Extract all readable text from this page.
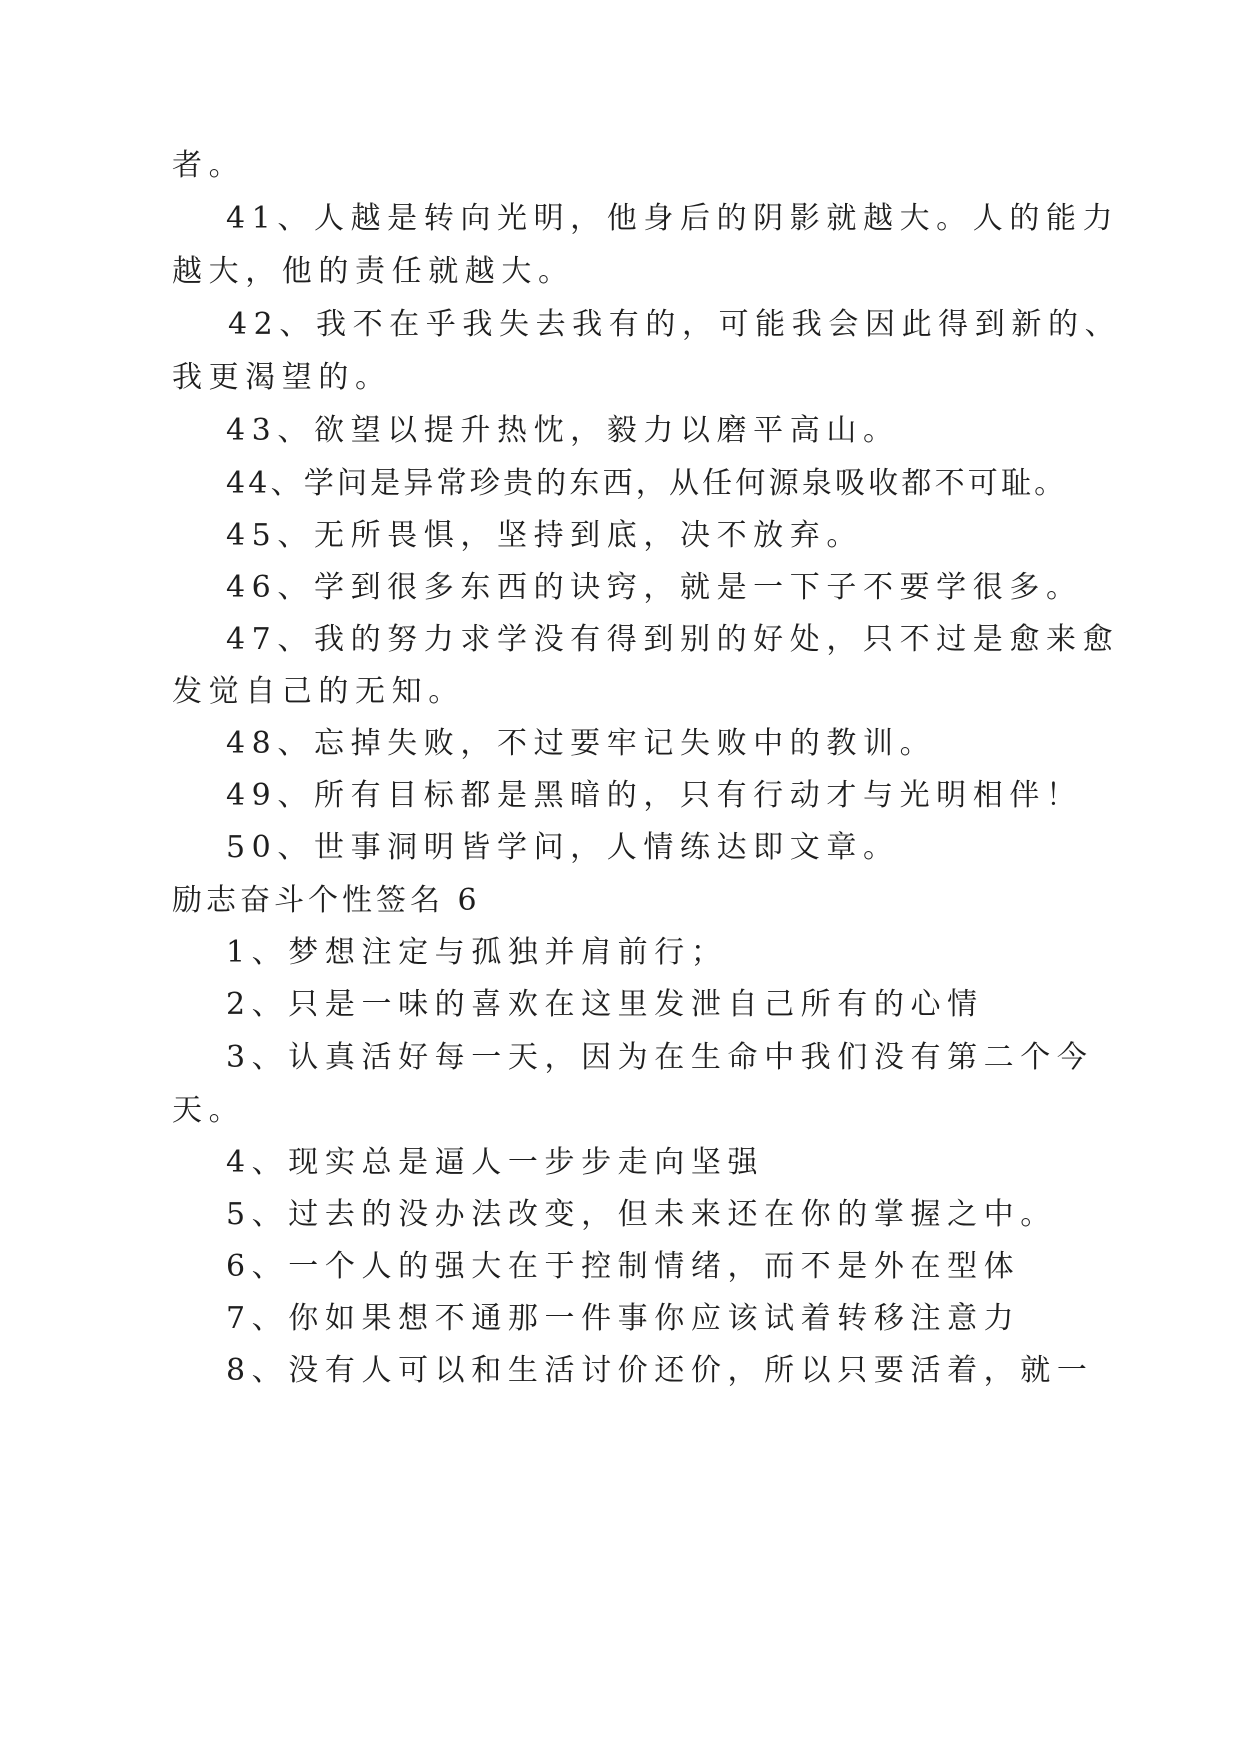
者。
41、人越是转向光明，他身后的阴影就越大。人的能力
越大，他的责任就越大。
42、我不在乎我失去我有的，可能我会因此得到新的、
我更渴望的。
43、欲望以提升热忱，毅力以磨平高山。
44、学问是异常珍贵的东西，从任何源泉吸收都不可耻。
45、无所畏惧，坚持到底，决不放弃。
46、学到很多东西的诀窍，就是一下子不要学很多。
47、我的努力求学没有得到别的好处，只不过是愈来愈
发觉自己的无知。
48、忘掉失败，不过要牢记失败中的教训。
49、所有目标都是黑暗的，只有行动才与光明相伴！
50、世事洞明皆学问，人情练达即文章。
励志奋斗个性签名 6
1、梦想注定与孤独并肩前行；
2、只是一味的喜欢在这里发泄自己所有的心情
3、认真活好每一天，因为在生命中我们没有第二个今
天。
4、现实总是逼人一步步走向坚强
5、过去的没办法改变，但未来还在你的掌握之中。
6、一个人的强大在于控制情绪，而不是外在型体
7、你如果想不通那一件事你应该试着转移注意力
8、没有人可以和生活讨价还价，所以只要活着，就一
